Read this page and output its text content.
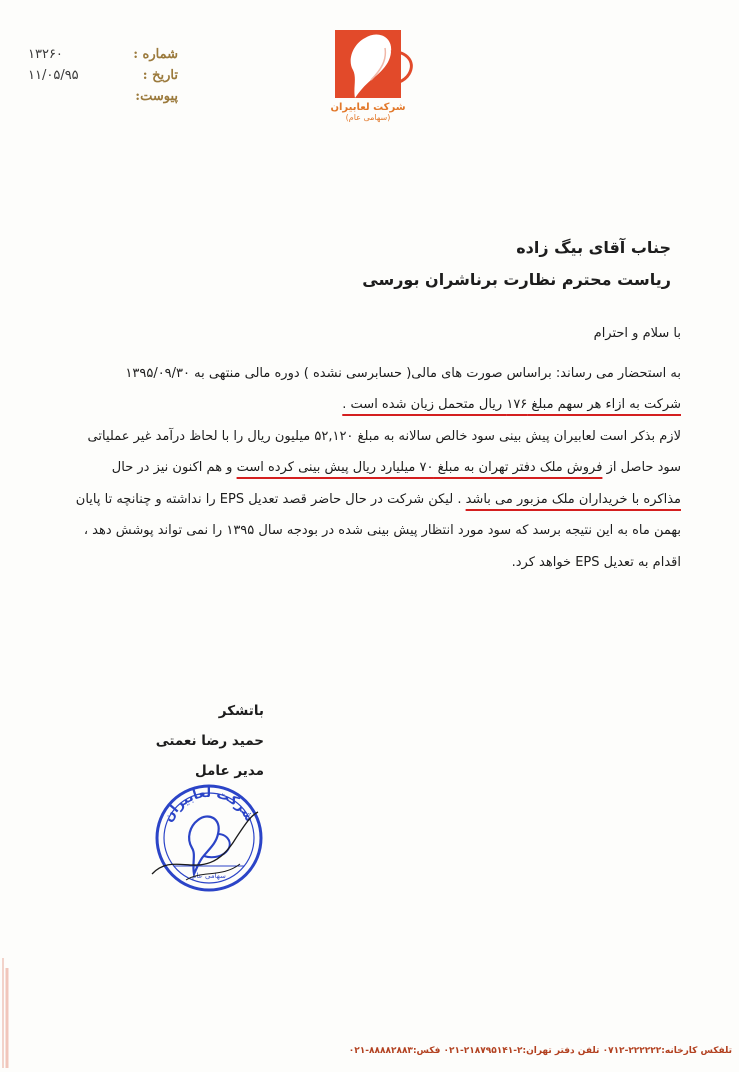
شماره :
تاريخ :
پيوست:
١٣٢۶٠
٩۵/١١/٠۵
شرکت لعابيران
(سهامی عام)
جناب آقای بيگ زاده
رياست محترم نظارت برناشران بورسی

با سلام و احترام

به استحضار می رساند: براساس صورت های مالی( حسابرسی نشده ) دوره مالی منتهی به ١٣٩۵/٠٩/٣٠

شرکت به ازاء هر سهم مبلغ ١٧۶ ريال متحمل زيان شده است .

لازم بذکر است لعابيران پيش بينی سود خالص سالانه به مبلغ ۵٢,١٢٠ ميليون ريال را با لحاظ درآمد غير عملياتی

سود حاصل از فروش ملک دفتر تهران به مبلغ ٧٠ ميليارد ريال پيش بينی کرده است و هم اکنون نيز در حال

مذاکره با خريداران ملک مزبور می باشد . ليکن شرکت در حال حاضر قصد تعديل EPS را نداشته و چنانچه تا پايان

بهمن ماه به اين نتيجه برسد که سود مورد انتظار پيش بينی شده در بودجه سال ١٣٩۵ را نمی تواند پوشش دهد ،

اقدام به تعديل EPS خواهد کرد.

باتشکر
حميد رضا نعمتی
مدير عامل
شرکت لعابيران
سهامی عام
تلفکس کارخانه:٢٢٢٢٢٢-٠٧١٢ تلفن دفتر تهران:٢-٢١٨٧٩۵١۴١-٠٢١ فکس:٨٨٨٨٢٨٨٣-٠٢١
